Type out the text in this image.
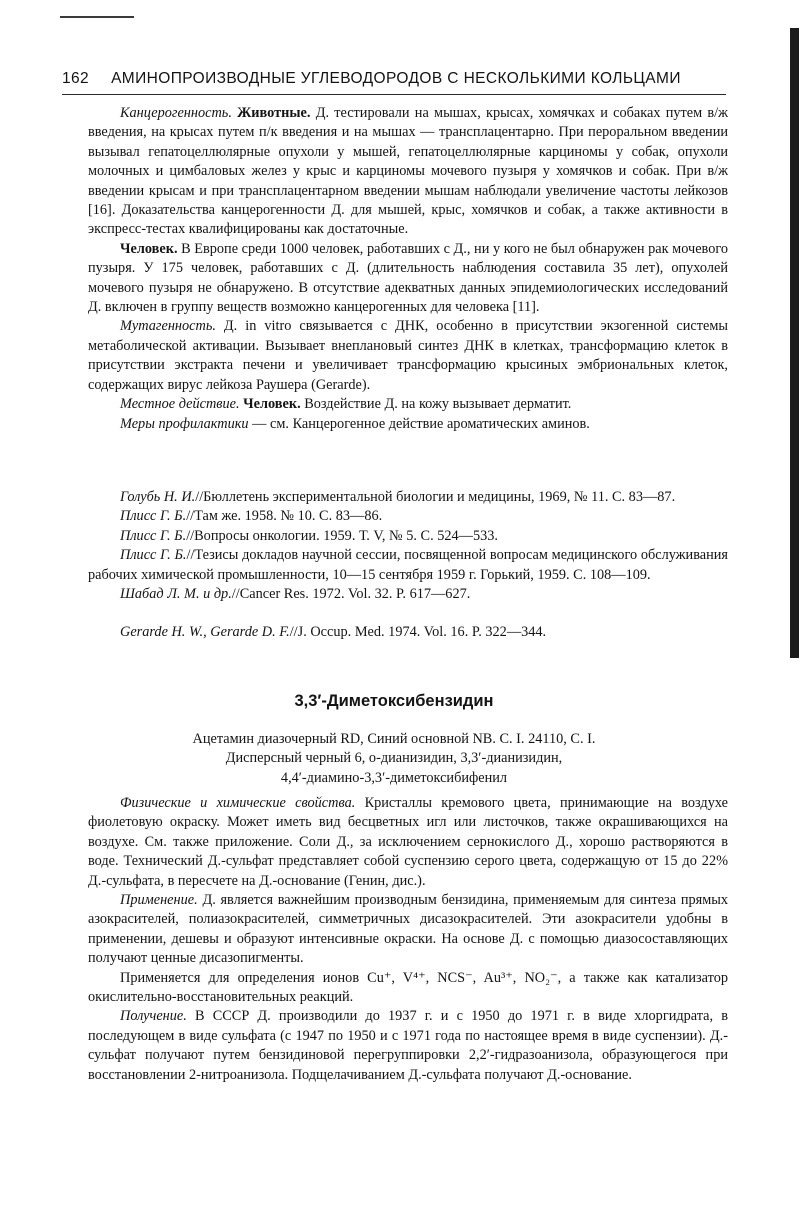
162 АМИНОПРОИЗВОДНЫЕ УГЛЕВОДОРОДОВ С НЕСКОЛЬКИМИ КОЛЬЦАМИ

Канцерогенность. Животные. Д. тестировали на мышах, крысах, хомячках и собаках путем в/ж введения, на крысах путем п/к введения и на мышах — трансплацентарно. При пероральном введении вызывал гепатоцеллюлярные опухоли у мышей, гепатоцеллюлярные карциномы у собак, опухоли молочных и цимбаловых желез у крыс и карциномы мочевого пузыря у хомячков и собак. При в/ж введении крысам и при трансплацентарном введении мышам наблюдали увеличение частоты лейкозов [16]. Доказательства канцерогенности Д. для мышей, крыс, хомячков и собак, а также активности в экспресс-тестах квалифицированы как достаточные.

Человек. В Европе среди 1000 человек, работавших с Д., ни у кого не был обнаружен рак мочевого пузыря. У 175 человек, работавших с Д. (длительность наблюдения составила 35 лет), опухолей мочевого пузыря не обнаружено. В отсутствие адекватных данных эпидемиологических исследований Д. включен в группу веществ возможно канцерогенных для человека [11].

Мутагенность. Д. in vitro связывается с ДНК, особенно в присутствии экзогенной системы метаболической активации. Вызывает внеплановый синтез ДНК в клетках, трансформацию клеток в присутствии экстракта печени и увеличивает трансформацию крысиных эмбриональных клеток, содержащих вирус лейкоза Раушера (Gerarde).

Местное действие. Человек. Воздействие Д. на кожу вызывает дерматит.

Меры профилактики — см. Канцерогенное действие ароматических аминов.

Голубь Н. И.//Бюллетень экспериментальной биологии и медицины, 1969, № 11. С. 83—87.

Плисс Г. Б.//Там же. 1958. № 10. С. 83—86.

Плисс Г. Б.//Вопросы онкологии. 1959. Т. V, № 5. С. 524—533.

Плисс Г. Б.//Тезисы докладов научной сессии, посвященной вопросам медицинского обслуживания рабочих химической промышленности, 10—15 сентября 1959 г. Горький, 1959. С. 108—109.

Шабад Л. М. и др.//Cancer Res. 1972. Vol. 32. P. 617—627.

Gerarde H. W., Gerarde D. F.//J. Occup. Med. 1974. Vol. 16. P. 322—344.

3,3′-Диметоксибензидин
Ацетамин диазочерный RD, Синий основной NB. C. I. 24110, C. I.
Дисперсный черный 6, о-дианизидин, 3,3′-дианизидин,
4,4′-диамино-3,3′-диметоксибифенил

Физические и химические свойства. Кристаллы кремового цвета, принимающие на воздухе фиолетовую окраску. Может иметь вид бесцветных игл или листочков, также окрашивающихся на воздухе. См. также приложение. Соли Д., за исключением сернокислого Д., хорошо растворяются в воде. Технический Д.-сульфат представляет собой суспензию серого цвета, содержащую от 15 до 22% Д.-сульфата, в пересчете на Д.-основание (Генин, дис.).

Применение. Д. является важнейшим производным бензидина, применяемым для синтеза прямых азокрасителей, полиазокрасителей, симметричных дисазокрасителей. Эти азокрасители удобны в применении, дешевы и образуют интенсивные окраски. На основе Д. с помощью диазосоставляющих получают ценные дисазопигменты.

Применяется для определения ионов Cu⁺, V⁴⁺, NCS⁻, Au³⁺, NO₂⁻, а также как катализатор окислительно-восстановительных реакций.

Получение. В СССР Д. производили до 1937 г. и с 1950 до 1971 г. в виде хлоргидрата, в последующем в виде сульфата (с 1947 по 1950 и с 1971 года по настоящее время в виде суспензии). Д.-сульфат получают путем бензидиновой перегруппировки 2,2′-гидразоанизола, образующегося при восстановлении 2-нитроанизола. Подщелачиванием Д.-сульфата получают Д.-основание.
